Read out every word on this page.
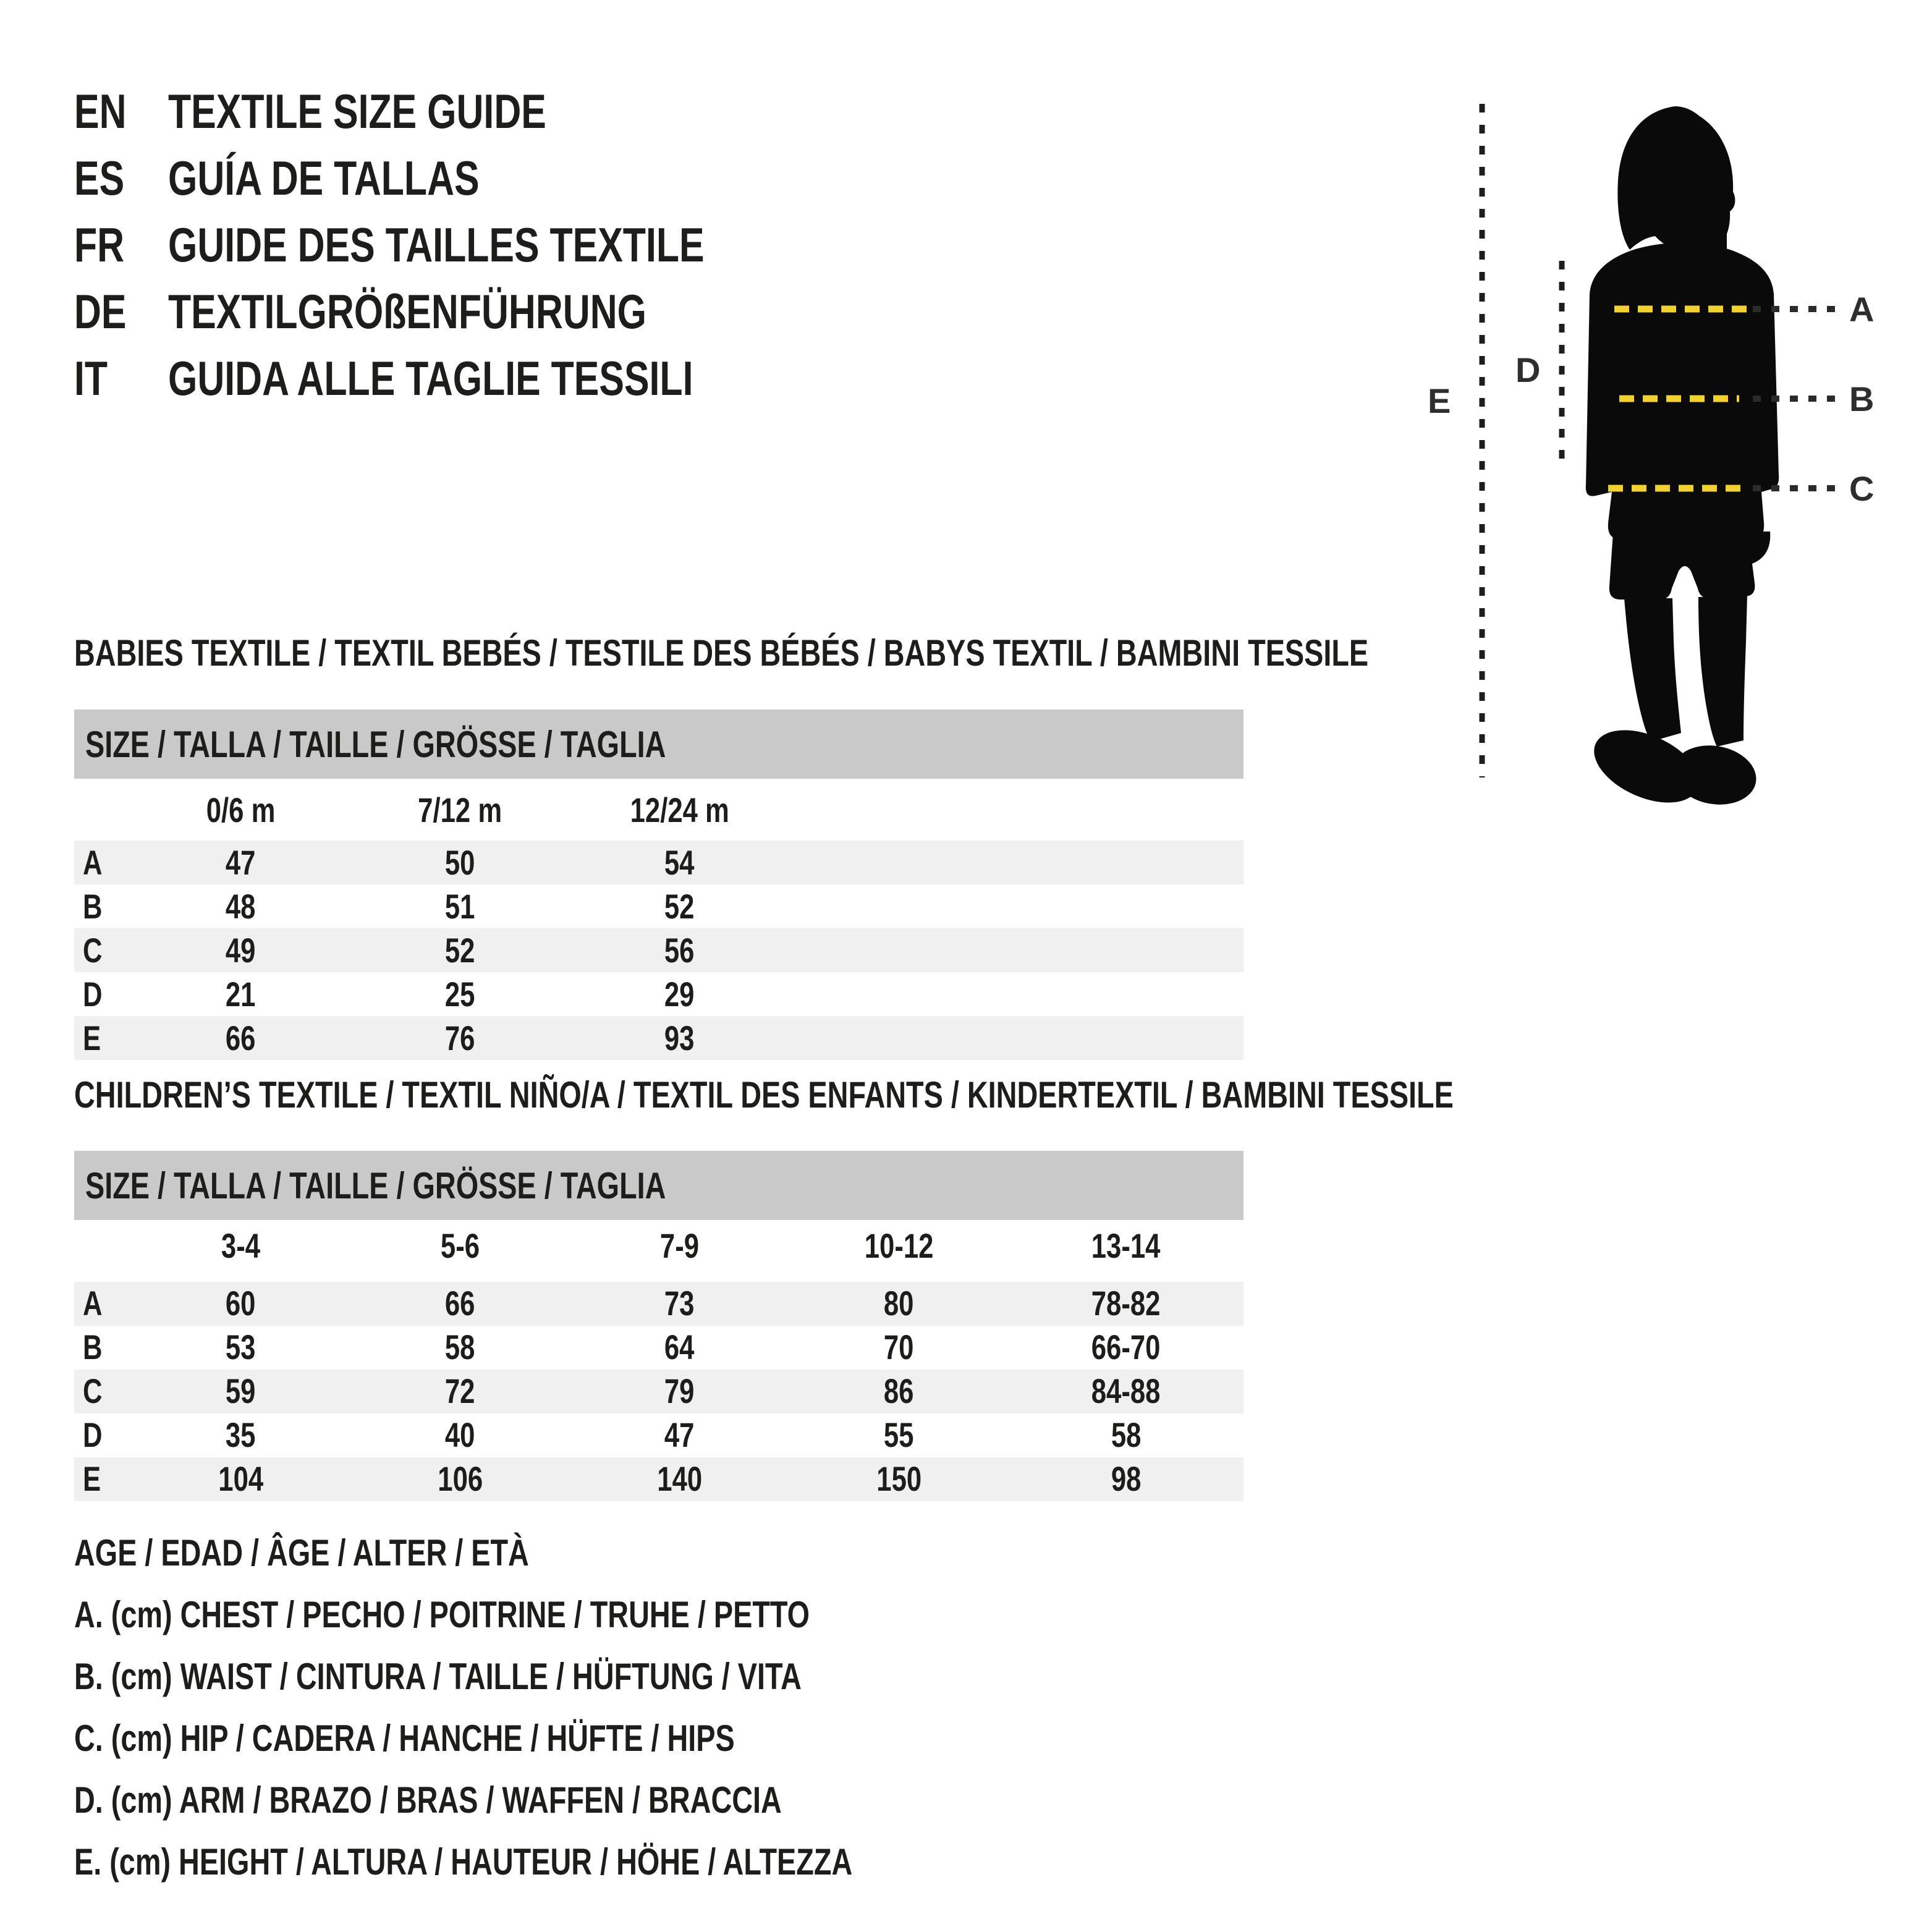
EN TEXTILE SIZE GUIDE
ES GUÍA DE TALLAS
FR GUIDE DES TAILLES TEXTILE
DE TEXTILGRÖßENFÜHRUNG
IT	GUIDA ALLE TAGLIE TESSILI	E
D
A
B
C
BABIES TEXTILE / TEXTIL BEBÉS / TESTILE DES BÉBÉS / BABYS TEXTIL / BAMBINI TESSILE
SIZE / TALLA / TAILLE / GRÖSSE / TAGLIA
0/6 m	7/12 m	12/24 m
A	47	50	54
B	48	51	52
C	49	52	56
D	21	25	29
E	66	76	93
CHILDREN’S TEXTILE / TEXTIL NIÑO/A / TEXTIL DES ENFANTS / KINDERTEXTIL / BAMBINI TESSILE
SIZE / TALLA / TAILLE / GRÖSSE / TAGLIA
3-4	5-6	7-9	10-12	13-14
A	60	66	73	80	78-82
B	53	58	64	70	66-70
C	59	72	79	86	84-88
D	35	40	47	55	58
E	104	106	140	150	98
AGE / EDAD / ÂGE / ALTER / ETÀ
A. (cm) CHEST / PECHO / POITRINE / TRUHE / PETTO
B. (cm) WAIST / CINTURA / TAILLE / HÜFTUNG / VITA
C. (cm) HIP / CADERA / HANCHE / HÜFTE / HIPS
D. (cm) ARM / BRAZO / BRAS / WAFFEN / BRACCIA
E. (cm) HEIGHT / ALTURA / HAUTEUR / HÖHE / ALTEZZA
